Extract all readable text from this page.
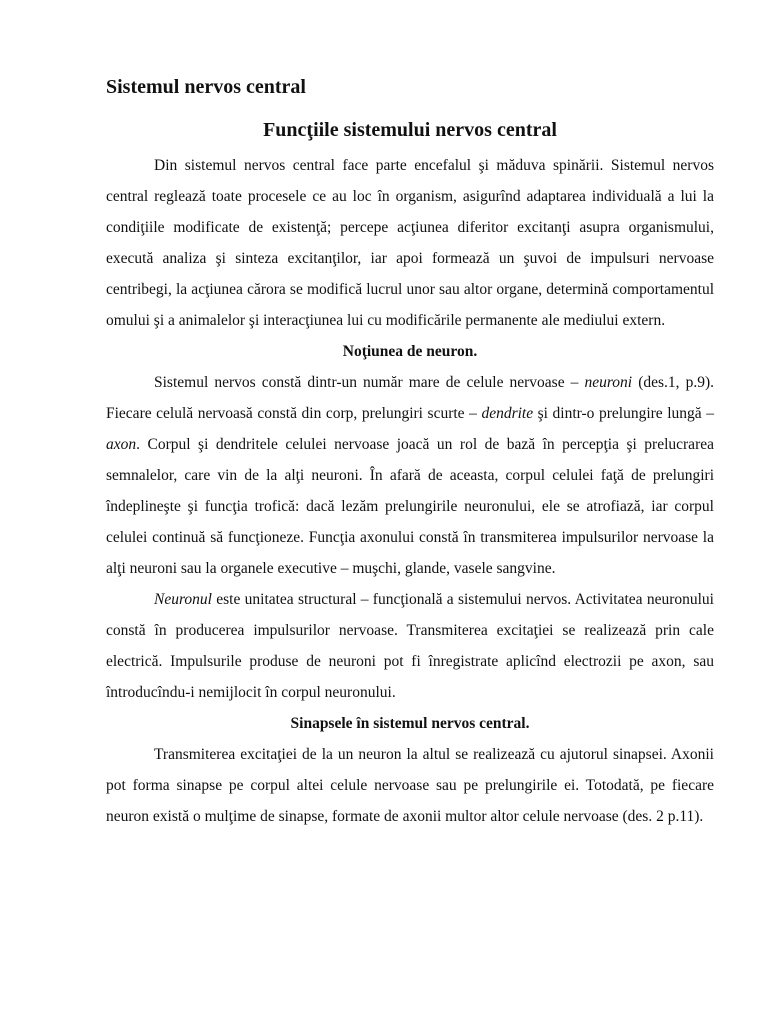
Sistemul nervos central
Funcţiile sistemului nervos central

Din sistemul nervos central face parte encefalul şi măduva spinării. Sistemul nervos central reglează toate procesele ce au loc în organism, asigurînd adaptarea individuală a lui la condiţiile modificate de existenţă; percepe acţiunea diferitor excitanţi asupra organismului, execută analiza şi sinteza excitanţilor, iar apoi formează un şuvoi de impulsuri nervoase centribegi, la acţiunea cărora se modifică lucrul unor sau altor organe, determină comportamentul omului şi a animalelor şi interacţiunea lui cu modificările permanente ale mediului extern.

Noţiunea de neuron.

Sistemul nervos constă dintr-un număr mare de celule nervoase – neuroni (des.1, p.9). Fiecare celulă nervoasă constă din corp, prelungiri scurte – dendrite şi dintr-o prelungire lungă – axon. Corpul şi dendritele celulei nervoase joacă un rol de bază în percepţia şi prelucrarea semnalelor, care vin de la alţi neuroni. În afară de aceasta, corpul celulei faţă de prelungiri îndeplineşte şi funcţia trofică: dacă lezăm prelungirile neuronului, ele se atrofiază, iar corpul celulei continuă să funcţioneze. Funcţia axonului constă în transmiterea impulsurilor nervoase la alţi neuroni sau la organele executive – muşchi, glande, vasele sangvine.

Neuronul este unitatea structural – funcţională a sistemului nervos. Activitatea neuronului constă în producerea impulsurilor nervoase. Transmiterea excitaţiei se realizează prin cale electrică. Impulsurile produse de neuroni pot fi înregistrate aplicînd electrozii pe axon, sau întroducîndu-i nemijlocit în corpul neuronului.

Sinapsele în sistemul nervos central.

Transmiterea excitaţiei de la un neuron la altul se realizează cu ajutorul sinapsei. Axonii pot forma sinapse pe corpul altei celule nervoase sau pe prelungirile ei. Totodată, pe fiecare neuron există o mulţime de sinapse, formate de axonii multor altor celule nervoase (des. 2 p.11).
